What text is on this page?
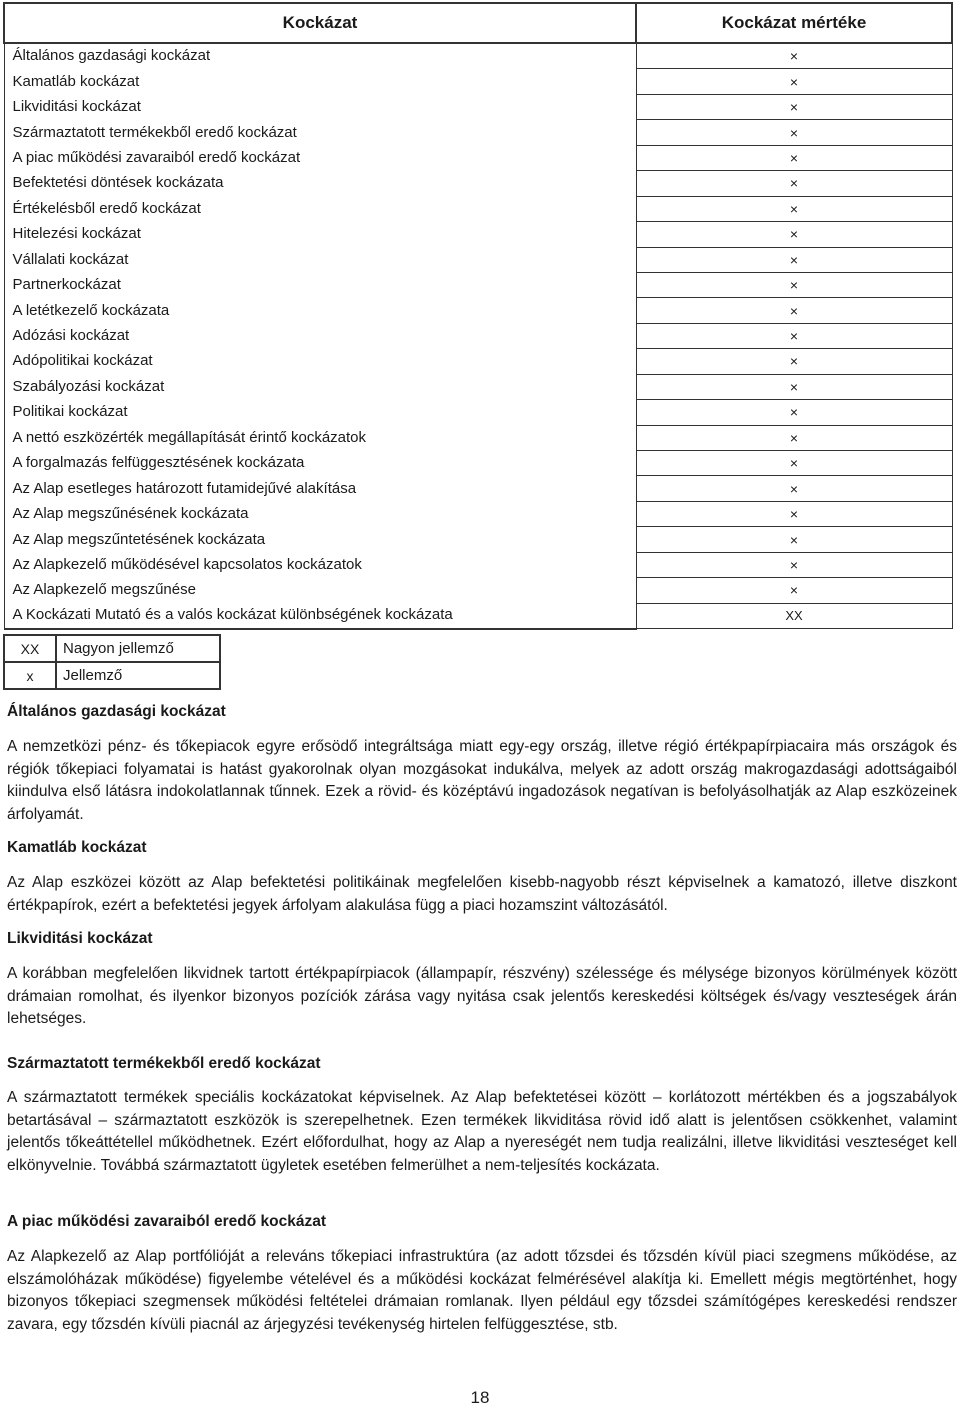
Kockázat	Kockázat mértéke
Általános gazdasági kockázat	×
Kamatláb kockázat	×
Likviditási kockázat	×
Származtatott termékekből eredő kockázat	×
A piac működési zavaraiból eredő kockázat	×
Befektetési döntések kockázata	×
Értékelésből eredő kockázat	×
Hitelezési kockázat	×
Vállalati kockázat	×
Partnerkockázat	×
A letétkezelő kockázata	×
Adózási kockázat	×
Adópolitikai kockázat	×
Szabályozási kockázat	×
Politikai kockázat	×
A nettó eszközérték megállapítását érintő kockázatok	×
A forgalmazás felfüggesztésének kockázata	×
Az Alap esetleges határozott futamidejűvé alakítása	×
Az Alap megszűnésének kockázata	×
Az Alap megszűntetésének kockázata	×
Az Alapkezelő működésével kapcsolatos kockázatok	×
Az Alapkezelő megszűnése	×
A Kockázati Mutató és a valós kockázat különbségének kockázata	XX
XX	Nagyon jellemző
x	Jellemző
Általános gazdasági kockázat

A nemzetközi pénz- és tőkepiacok egyre erősödő integráltsága miatt egy-egy ország, illetve régió értékpapírpiacaira más országok és régiók tőkepiaci folyamatai is hatást gyakorolnak olyan mozgásokat indukálva, melyek az adott ország makrogazdasági adottságaiból kiindulva első látásra indokolatlannak tűnnek. Ezek a rövid- és középtávú ingadozások negatívan is befolyásolhatják az Alap eszközeinek árfolyamát.

Kamatláb kockázat

Az Alap eszközei között az Alap befektetési politikáinak megfelelően kisebb-nagyobb részt képviselnek a kamatozó, illetve diszkont értékpapírok, ezért a befektetési jegyek árfolyam alakulása függ a piaci hozamszint változásától.

Likviditási kockázat

A korábban megfelelően likvidnek tartott értékpapírpiacok (állampapír, részvény) szélessége és mélysége bizonyos körülmények között drámaian romolhat, és ilyenkor bizonyos pozíciók zárása vagy nyitása csak jelentős kereskedési költségek és/vagy veszteségek árán lehetséges.

Származtatott termékekből eredő kockázat

A származtatott termékek speciális kockázatokat képviselnek. Az Alap befektetései között – korlátozott mértékben és a jogszabályok betartásával – származtatott eszközök is szerepelhetnek. Ezen termékek likviditása rövid idő alatt is jelentősen csökkenhet, valamint jelentős tőkeáttétellel működhetnek. Ezért előfordulhat, hogy az Alap a nyereségét nem tudja realizálni, illetve likviditási veszteséget kell elkönyvelnie. Továbbá származtatott ügyletek esetében felmerülhet a nem-teljesítés kockázata.

A piac működési zavaraiból eredő kockázat

Az Alapkezelő az Alap portfólióját a releváns tőkepiaci infrastruktúra (az adott tőzsdei és tőzsdén kívül piaci szegmens működése, az elszámolóházak működése) figyelembe vételével és a működési kockázat felmérésével alakítja ki. Emellett mégis megtörténhet, hogy bizonyos tőkepiaci szegmensek működési feltételei drámaian romlanak. Ilyen például egy tőzsdei számítógépes kereskedési rendszer zavara, egy tőzsdén kívüli piacnál az árjegyzési tevékenység hirtelen felfüggesztése, stb.

18
